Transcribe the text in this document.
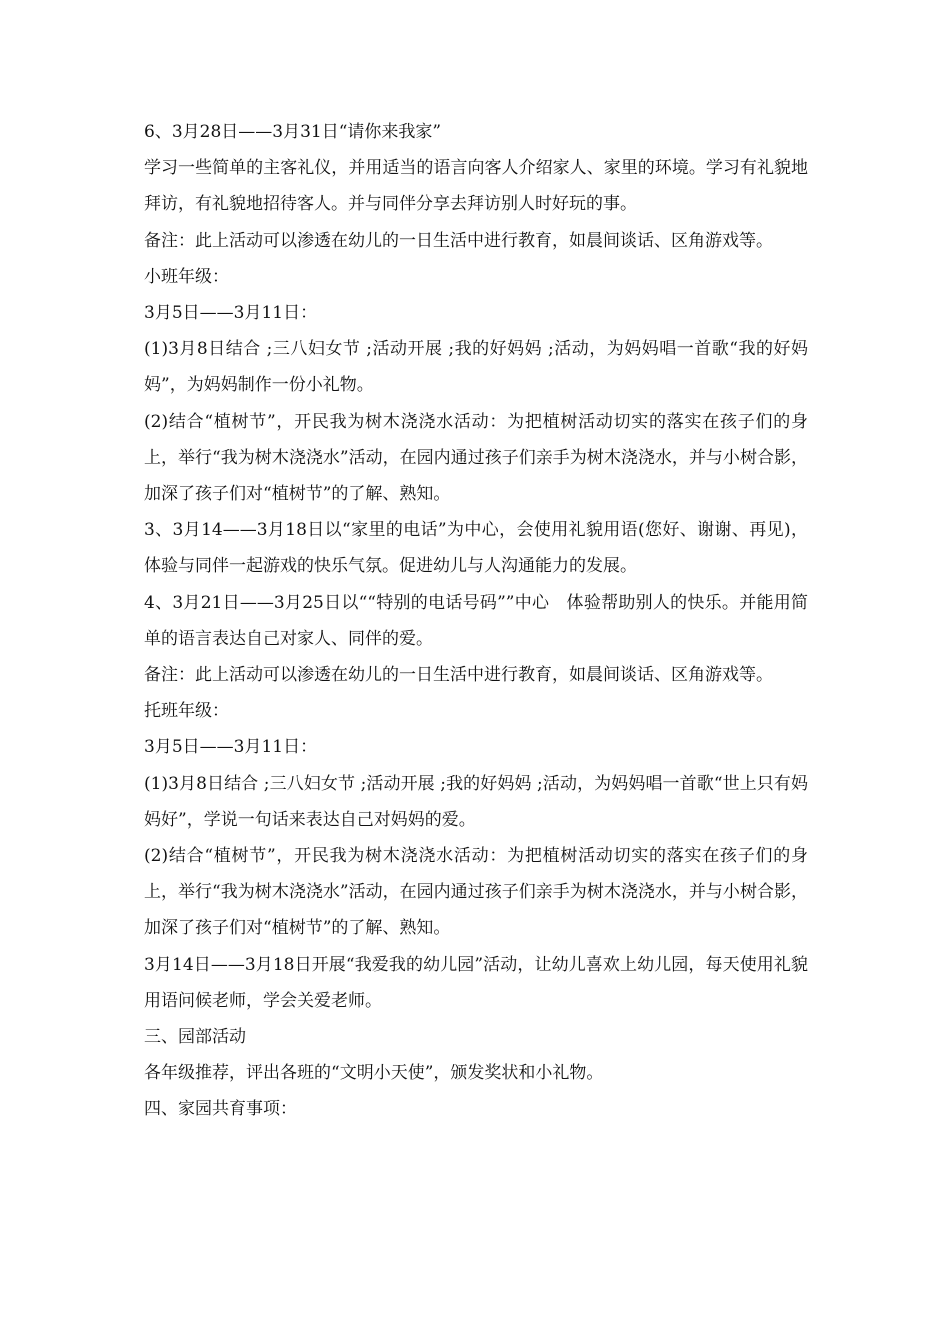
6、3月28日——3月31日“请你来我家”

学习一些简单的主客礼仪，并用适当的语言向客人介绍家人、家里的环境。学习有礼貌地拜访，有礼貌地招待客人。并与同伴分享去拜访别人时好玩的事。

备注：此上活动可以渗透在幼儿的一日生活中进行教育，如晨间谈话、区角游戏等。

小班年级：

3月5日——3月11日：

(1)3月8日结合 ;三八妇女节 ;活动开展 ;我的好妈妈 ;活动，为妈妈唱一首歌“我的好妈妈”，为妈妈制作一份小礼物。

(2)结合“植树节”，开民我为树木浇浇水活动：为把植树活动切实的落实在孩子们的身上，举行“我为树木浇浇水”活动，在园内通过孩子们亲手为树木浇浇水，并与小树合影，加深了孩子们对“植树节”的了解、熟知。

3、3月14——3月18日以“家里的电话”为中心，会使用礼貌用语(您好、谢谢、再见)，体验与同伴一起游戏的快乐气氛。促进幼儿与人沟通能力的发展。

4、3月21日——3月25日以““特别的电话号码””中心　体验帮助别人的快乐。并能用简单的语言表达自己对家人、同伴的爱。

备注：此上活动可以渗透在幼儿的一日生活中进行教育，如晨间谈话、区角游戏等。

托班年级：

3月5日——3月11日：

(1)3月8日结合 ;三八妇女节 ;活动开展 ;我的好妈妈 ;活动，为妈妈唱一首歌“世上只有妈妈好”，学说一句话来表达自己对妈妈的爱。

(2)结合“植树节”，开民我为树木浇浇水活动：为把植树活动切实的落实在孩子们的身上，举行“我为树木浇浇水”活动，在园内通过孩子们亲手为树木浇浇水，并与小树合影，加深了孩子们对“植树节”的了解、熟知。

3月14日——3月18日开展“我爱我的幼儿园”活动，让幼儿喜欢上幼儿园，每天使用礼貌用语问候老师，学会关爱老师。

三、园部活动

各年级推荐，评出各班的“文明小天使”，颁发奖状和小礼物。

四、家园共育事项：
